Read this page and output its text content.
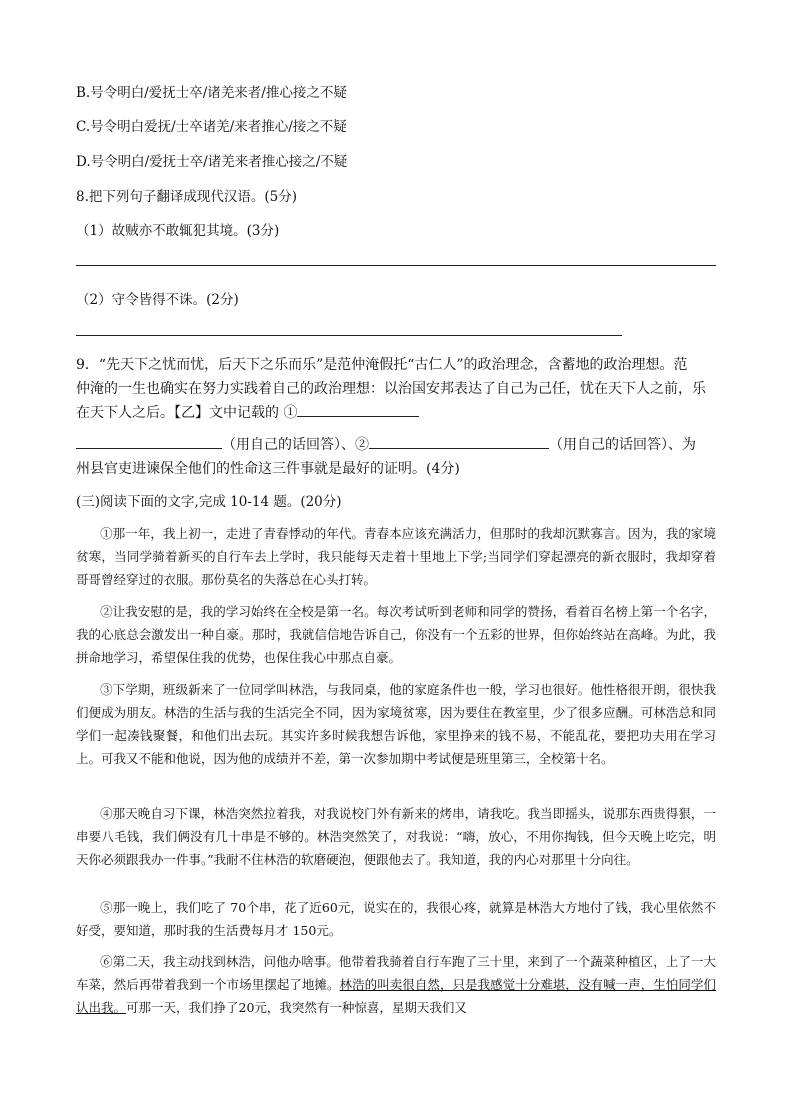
B.号令明白/爱抚士卒/诸羌来者/推心接之不疑
C.号令明白爱抚/士卒诸羌/来者推心/接之不疑
D.号令明白/爱抚士卒/诸羌来者推心接之/不疑
8.把下列句子翻译成现代汉语。(5分)
（1）故贼亦不敢辄犯其境。(3分)
（2）守令皆得不诛。(2分)
9．“先天下之忧而忧，后天下之乐而乐”是范仲淹假托“古仁人”的政治理念，含蓄地的政治理想。范
仲淹的一生也确实在努力实践着自己的政治理想：以治国安邦表达了自己为己任，忧在天下人之前，乐
在天下人之后。【乙】文中记载的 ①
（用自己的话回答）、②	（用自己的话回答）、为
州县官吏进谏保全他们的性命这三件事就是最好的证明。(4分)
(三)阅读下面的文字,完成 10-14 题。(20分)
①那一年，我上初一，走进了青春悸动的年代。青春本应该充满活力，但那时的我却沉默寡言。因为，我的家境贫寒，当同学骑着新买的自行车去上学时，我只能每天走着十里地上下学;当同学们穿起漂亮的新衣服时，我却穿着哥哥曾经穿过的衣服。那份莫名的失落总在心头打转。
②让我安慰的是，我的学习始终在全校是第一名。每次考试听到老师和同学的赞扬，看着百名榜上第一个名字，我的心底总会激发出一种自豪。那时，我就信信地告诉自己，你没有一个五彩的世界，但你始终站在高峰。为此，我拼命地学习，希望保住我的优势，也保住我心中那点自豪。
③下学期，班级新来了一位同学叫林浩，与我同桌，他的家庭条件也一般，学习也很好。他性格很开朗，很快我们便成为朋友。林浩的生活与我的生活完全不同，因为家境贫寒，因为要住在教室里，少了很多应酬。可林浩总和同学们一起凑钱聚餐，和他们出去玩。其实许多时候我想告诉他，家里挣来的钱不易，不能乱花，要把功夫用在学习上。可我又不能和他说，因为他的成绩并不差，第一次参加期中考试便是班里第三，全校第十名。
④那天晚自习下课，林浩突然拉着我，对我说校门外有新来的烤串，请我吃。我当即摇头，说那东西贵得狠，一串要八毛钱，我们俩没有几十串是不够的。林浩突然笑了，对我说：“嗨，放心，不用你掏钱，但今天晚上吃完，明天你必须跟我办一件事。”我耐不住林浩的软磨硬泡，便跟他去了。我知道，我的内心对那里十分向往。
⑤那一晚上，我们吃了 70个串，花了近60元，说实在的，我很心疼，就算是林浩大方地付了钱，我心里依然不好受，要知道，那时我的生活费每月才 150元。
⑥第二天，我主动找到林浩，问他办啥事。他带着我骑着自行车跑了三十里，来到了一个蔬菜种植区，上了一大车菜，然后再带着我到一个市场里摆起了地摊。林浩的叫卖很自然，只是我感觉十分难堪，没有喊一声，生怕同学们认出我。可那一天，我们挣了20元，我突然有一种惊喜，星期天我们又
